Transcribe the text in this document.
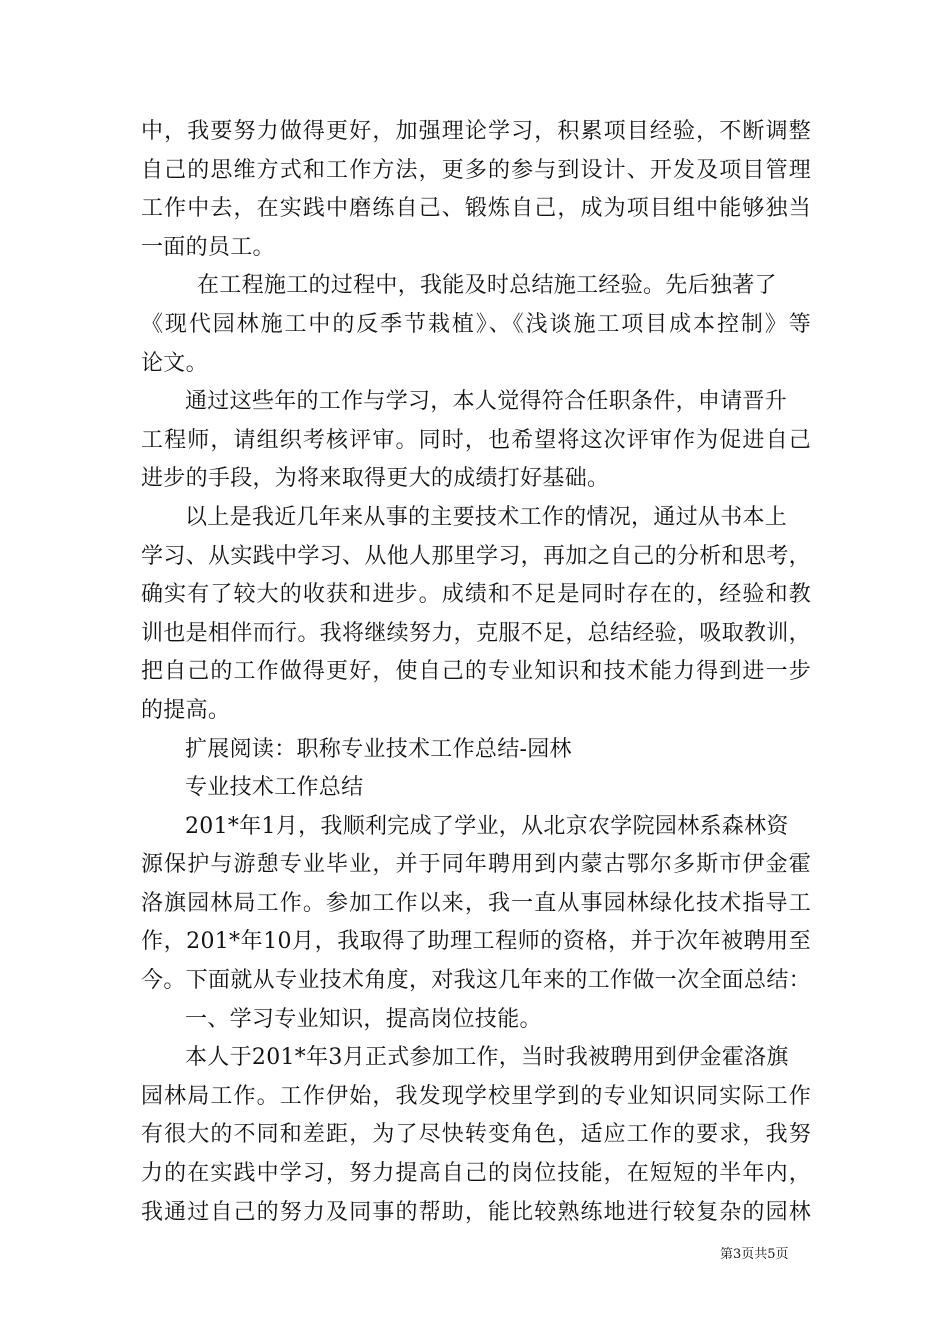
中，我要努力做得更好，加强理论学习，积累项目经验，不断调整
自己的思维方式和工作方法，更多的参与到设计、开发及项目管理
工作中去，在实践中磨练自己、锻炼自己，成为项目组中能够独当
一面的员工。
在工程施工的过程中，我能及时总结施工经验。先后独著了
《现代园林施工中的反季节栽植》、《浅谈施工项目成本控制》等
论文。
通过这些年的工作与学习，本人觉得符合任职条件，申请晋升
工程师，请组织考核评审。同时，也希望将这次评审作为促进自己
进步的手段，为将来取得更大的成绩打好基础。
以上是我近几年来从事的主要技术工作的情况，通过从书本上
学习、从实践中学习、从他人那里学习，再加之自己的分析和思考，
确实有了较大的收获和进步。成绩和不足是同时存在的，经验和教
训也是相伴而行。我将继续努力，克服不足，总结经验，吸取教训，
把自己的工作做得更好，使自己的专业知识和技术能力得到进一步
的提高。
扩展阅读：职称专业技术工作总结-园林
专业技术工作总结
201*年1月，我顺利完成了学业，从北京农学院园林系森林资
源保护与游憩专业毕业，并于同年聘用到内蒙古鄂尔多斯市伊金霍
洛旗园林局工作。参加工作以来，我一直从事园林绿化技术指导工
作，201*年10月，我取得了助理工程师的资格，并于次年被聘用至
今。下面就从专业技术角度，对我这几年来的工作做一次全面总结：
一、学习专业知识，提高岗位技能。
本人于201*年3月正式参加工作，当时我被聘用到伊金霍洛旗
园林局工作。工作伊始，我发现学校里学到的专业知识同实际工作
有很大的不同和差距，为了尽快转变角色，适应工作的要求，我努
力的在实践中学习，努力提高自己的岗位技能，在短短的半年内，
我通过自己的努力及同事的帮助，能比较熟练地进行较复杂的园林
第3页共5页
